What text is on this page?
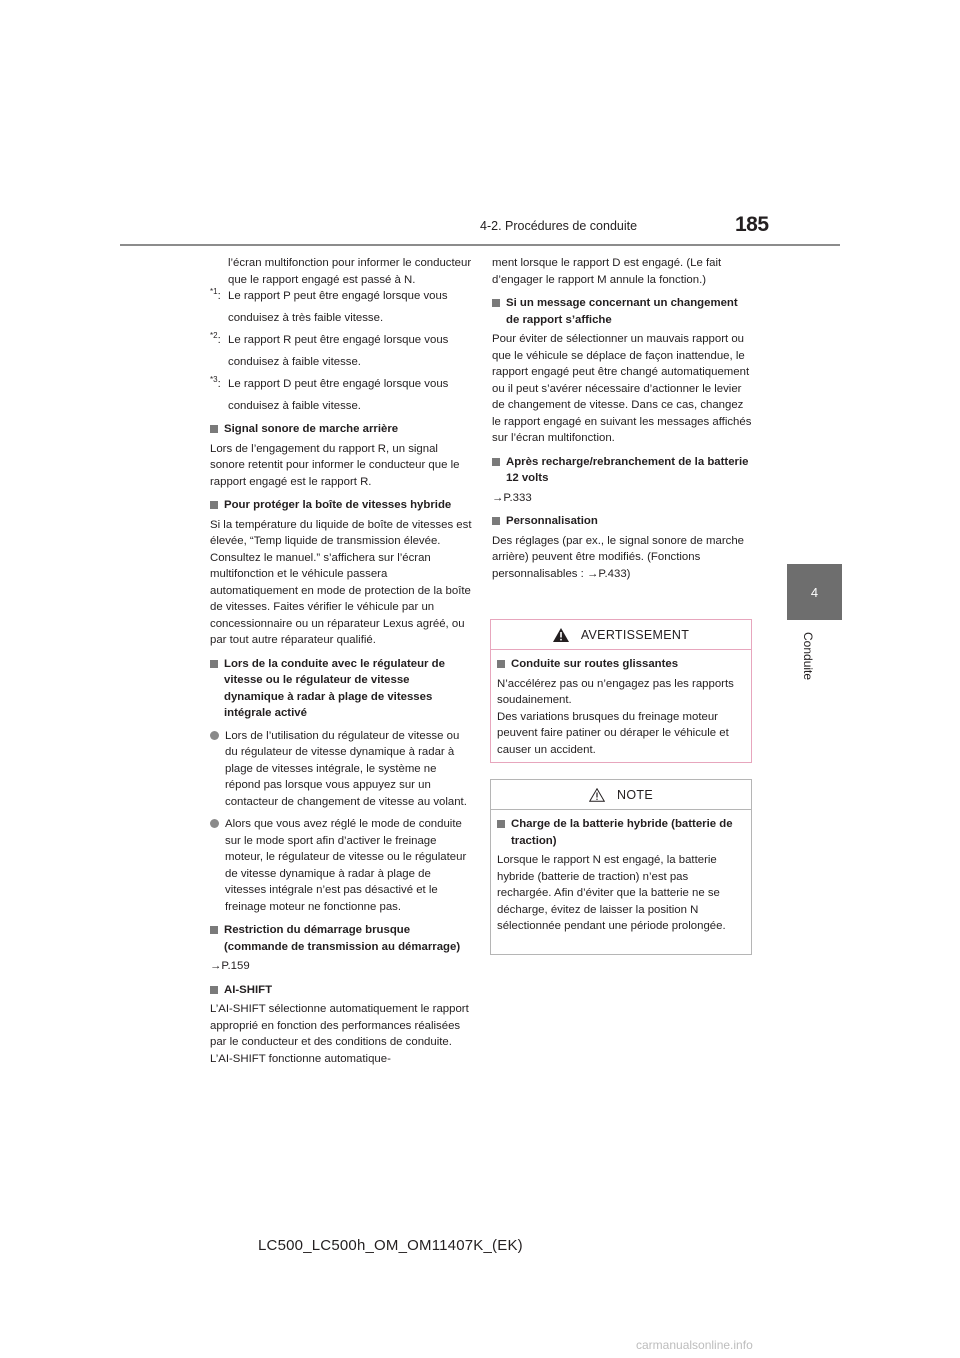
4-2. Procédures de conduite	185
4
Conduite

l’écran multifonction pour informer le conducteur que le rapport engagé est passé à N.

$^{*1}$: Le rapport P peut être engagé lorsque vous
conduisez à très faible vitesse.
$^{*2}$: Le rapport R peut être engagé lorsque vous
conduisez à faible vitesse.
$^{*3}$: Le rapport D peut être engagé lorsque vous
conduisez à faible vitesse.
Signal sonore de marche arrière

Lors de l’engagement du rapport R, un signal sonore retentit pour informer le conducteur que le rapport engagé est le rapport R.

Pour protéger la boîte de vitesses hybride

Si la température du liquide de boîte de vitesses est élevée, “Temp liquide de transmission élevée. Consultez le manuel.” s’affichera sur l’écran multifonction et le véhicule passera automatiquement en mode de protection de la boîte de vitesses. Faites vérifier le véhicule par un concessionnaire ou un réparateur Lexus agréé, ou par tout autre réparateur qualifié.

Lors de la conduite avec le régulateur de vitesse ou le régulateur de vitesse dynamique à radar à plage de vitesses intégrale activé
Lors de l’utilisation du régulateur de vitesse ou du régulateur de vitesse dynamique à radar à plage de vitesses intégrale, le système ne répond pas lorsque vous appuyez sur un contacteur de changement de vitesse au volant.
Alors que vous avez réglé le mode de conduite sur le mode sport afin d’activer le freinage moteur, le régulateur de vitesse ou le régulateur de vitesse dynamique à radar à plage de vitesses intégrale n’est pas désactivé et le freinage moteur ne fonctionne pas.
Restriction du démarrage brusque (commande de transmission au démarrage)

→P.159

AI-SHIFT

L’AI-SHIFT sélectionne automatiquement le rapport approprié en fonction des performances réalisées par le conducteur et des conditions de conduite. L’AI-SHIFT fonctionne automatique-

ment lorsque le rapport D est engagé. (Le fait d’engager le rapport M annule la fonction.)

Si un message concernant un changement de rapport s’affiche

Pour éviter de sélectionner un mauvais rapport ou que le véhicule se déplace de façon inattendue, le rapport engagé peut être changé automatiquement ou il peut s’avérer nécessaire d’actionner le levier de changement de vitesse. Dans ce cas, changez le rapport engagé en suivant les messages affichés sur l’écran multifonction.

Après recharge/rebranchement de la batterie 12 volts

→P.333

Personnalisation

Des réglages (par ex., le signal sonore de marche arrière) peuvent être modifiés. (Fonctions personnalisables : →P.433)

AVERTISSEMENT
Conduite sur routes glissantes

N’accélérez pas ou n’engagez pas les rapports soudainement.

Des variations brusques du freinage moteur peuvent faire patiner ou déraper le véhicule et causer un accident.

NOTE
Charge de la batterie hybride (batterie de traction)

Lorsque le rapport N est engagé, la batterie hybride (batterie de traction) n’est pas rechargée. Afin d’éviter que la batterie ne se décharge, évitez de laisser la position N sélectionnée pendant une période prolongée.

LC500_LC500h_OM_OM11407K_(EK)
carmanualsonline.info
